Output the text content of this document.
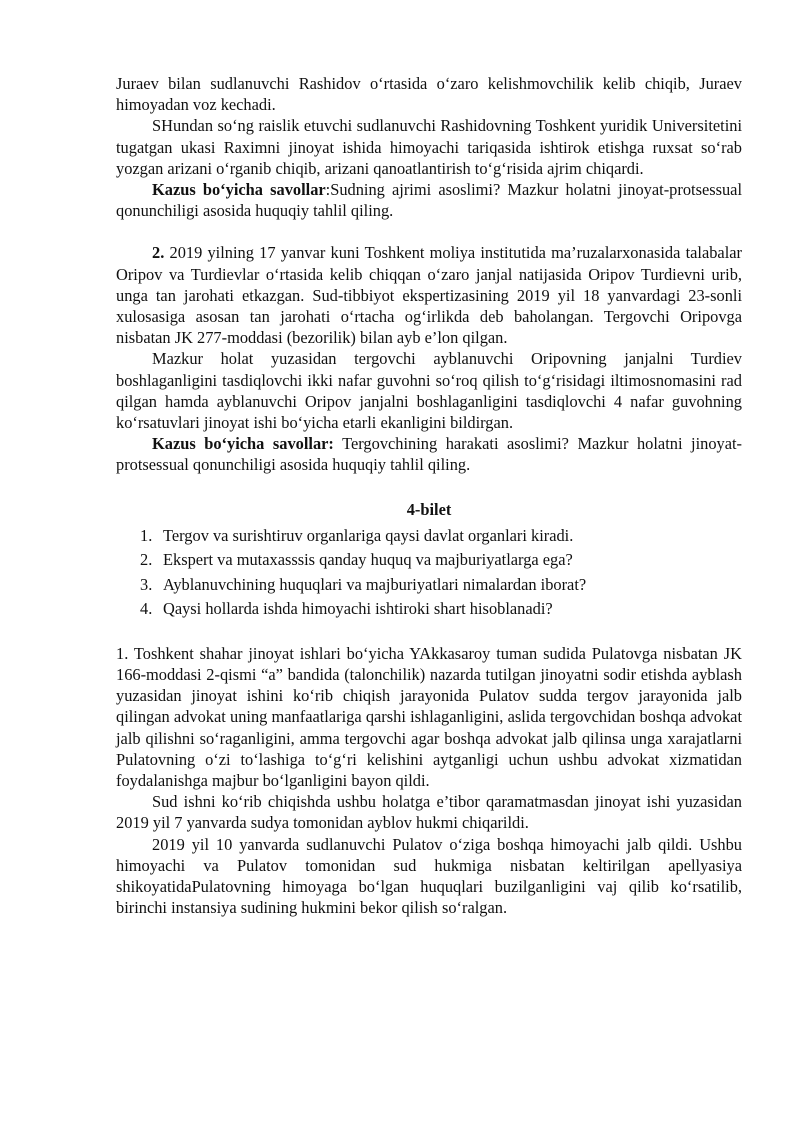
Juraev bilan sudlanuvchi Rashidov o‘rtasida o‘zaro kelishmovchilik kelib chiqib, Juraev himoyadan voz kechadi.

SHundan so‘ng raislik etuvchi sudlanuvchi Rashidovning Toshkent yuridik Universitetini tugatgan ukasi Raximni jinoyat ishida himoyachi tariqasida ishtirok etishga ruxsat so‘rab yozgan arizani o‘rganib chiqib, arizani qanoatlantirish to‘g‘risida ajrim chiqardi.

Kazus bo‘yicha savollar:Sudning ajrimi asoslimi? Mazkur holatni jinoyat-protsessual qonunchiligi asosida huquqiy tahlil qiling.

2. 2019 yilning 17 yanvar kuni Toshkent moliya institutida ma’ruzalarxonasida talabalar Oripov va Turdievlar o‘rtasida kelib chiqqan o‘zaro janjal natijasida Oripov Turdievni urib, unga tan jarohati etkazgan. Sud-tibbiyot ekspertizasining 2019 yil 18 yanvardagi 23-sonli xulosasiga asosan tan jarohati o‘rtacha og‘irlikda deb baholangan. Tergovchi Oripovga nisbatan JK 277-moddasi (bezorilik) bilan ayb e’lon qilgan.

Mazkur holat yuzasidan tergovchi ayblanuvchi Oripovning janjalni Turdiev boshlaganligini tasdiqlovchi ikki nafar guvohni so‘roq qilish to‘g‘risidagi iltimosnomasini rad qilgan hamda ayblanuvchi Oripov janjalni boshlaganligini tasdiqlovchi 4 nafar guvohning ko‘rsatuvlari jinoyat ishi bo‘yicha etarli ekanligini bildirgan.

Kazus bo‘yicha savollar: Tergovchining harakati asoslimi? Mazkur holatni jinoyat-protsessual qonunchiligi asosida huquqiy tahlil qiling.

4-bilet

1. Tergov va surishtiruv organlariga qaysi davlat organlari kiradi.
2. Ekspert va mutaxasssis qanday huquq va majburiyatlarga ega?
3. Ayblanuvchining huquqlari va majburiyatlari nimalardan iborat?
4. Qaysi hollarda ishda himoyachi ishtiroki shart hisoblanadi?

1. Toshkent shahar jinoyat ishlari bo‘yicha YAkkasaroy tuman sudida Pulatovga nisbatan JK 166-moddasi 2-qismi “a” bandida (talonchilik) nazarda tutilgan jinoyatni sodir etishda ayblash yuzasidan jinoyat ishini ko‘rib chiqish jarayonida Pulatov sudda tergov jarayonida jalb qilingan advokat uning manfaatlariga qarshi ishlaganligini, aslida tergovchidan boshqa advokat jalb qilishni so‘raganligini, amma tergovchi agar boshqa advokat jalb qilinsa unga xarajatlarni Pulatovning o‘zi to‘lashiga to‘g‘ri kelishini aytganligi uchun ushbu advokat xizmatidan foydalanishga majbur bo‘lganligini bayon qildi.

Sud ishni ko‘rib chiqishda ushbu holatga e’tibor qaramatmasdan jinoyat ishi yuzasidan 2019 yil 7 yanvarda sudya tomonidan ayblov hukmi chiqarildi.

2019 yil 10 yanvarda sudlanuvchi Pulatov o‘ziga boshqa himoyachi jalb qildi. Ushbu himoyachi va Pulatov tomonidan sud hukmiga nisbatan keltirilgan apellyasiya shikoyatidaPulatovning himoyaga bo‘lgan huquqlari buzilganligini vaj qilib ko‘rsatilib, birinchi instansiya sudining hukmini bekor qilish so‘ralgan.
